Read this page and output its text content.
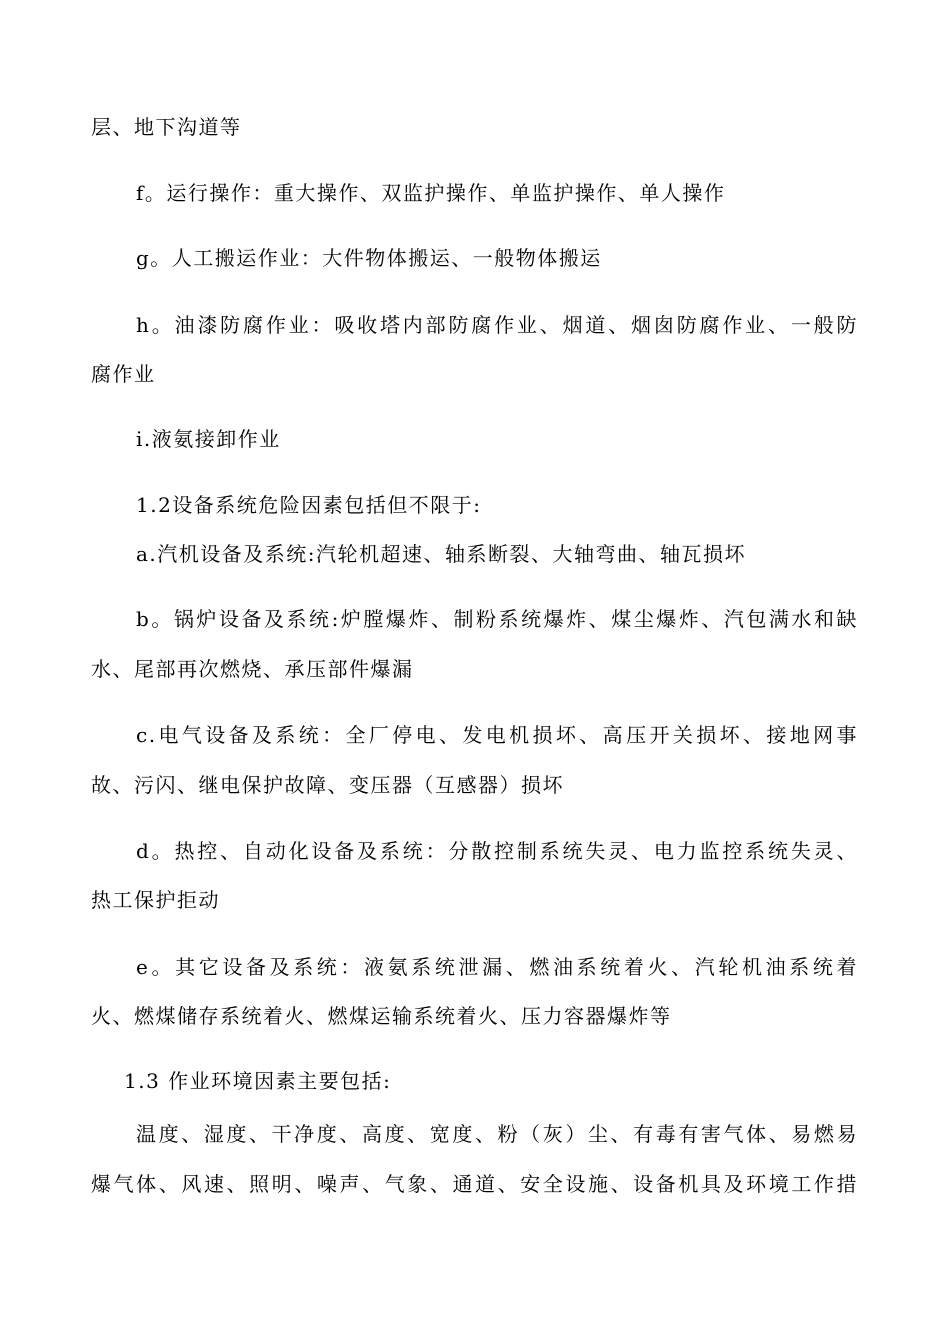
层、地下沟道等
f。运行操作：重大操作、双监护操作、单监护操作、单人操作
g。人工搬运作业：大件物体搬运、一般物体搬运
h。油漆防腐作业：吸收塔内部防腐作业、烟道、烟囱防腐作业、一般防
腐作业
i.液氨接卸作业
1.2设备系统危险因素包括但不限于:
a.汽机设备及系统:汽轮机超速、轴系断裂、大轴弯曲、轴瓦损坏
b。锅炉设备及系统:炉膛爆炸、制粉系统爆炸、煤尘爆炸、汽包满水和缺
水、尾部再次燃烧、承压部件爆漏
c.电气设备及系统：全厂停电、发电机损坏、高压开关损坏、接地网事
故、污闪、继电保护故障、变压器（互感器）损坏
d。热控、自动化设备及系统：分散控制系统失灵、电力监控系统失灵、
热工保护拒动
e。其它设备及系统：液氨系统泄漏、燃油系统着火、汽轮机油系统着
火、燃煤储存系统着火、燃煤运输系统着火、压力容器爆炸等
1.3 作业环境因素主要包括:
温度、湿度、干净度、高度、宽度、粉（灰）尘、有毒有害气体、易燃易
爆气体、风速、照明、噪声、气象、通道、安全设施、设备机具及环境工作措
